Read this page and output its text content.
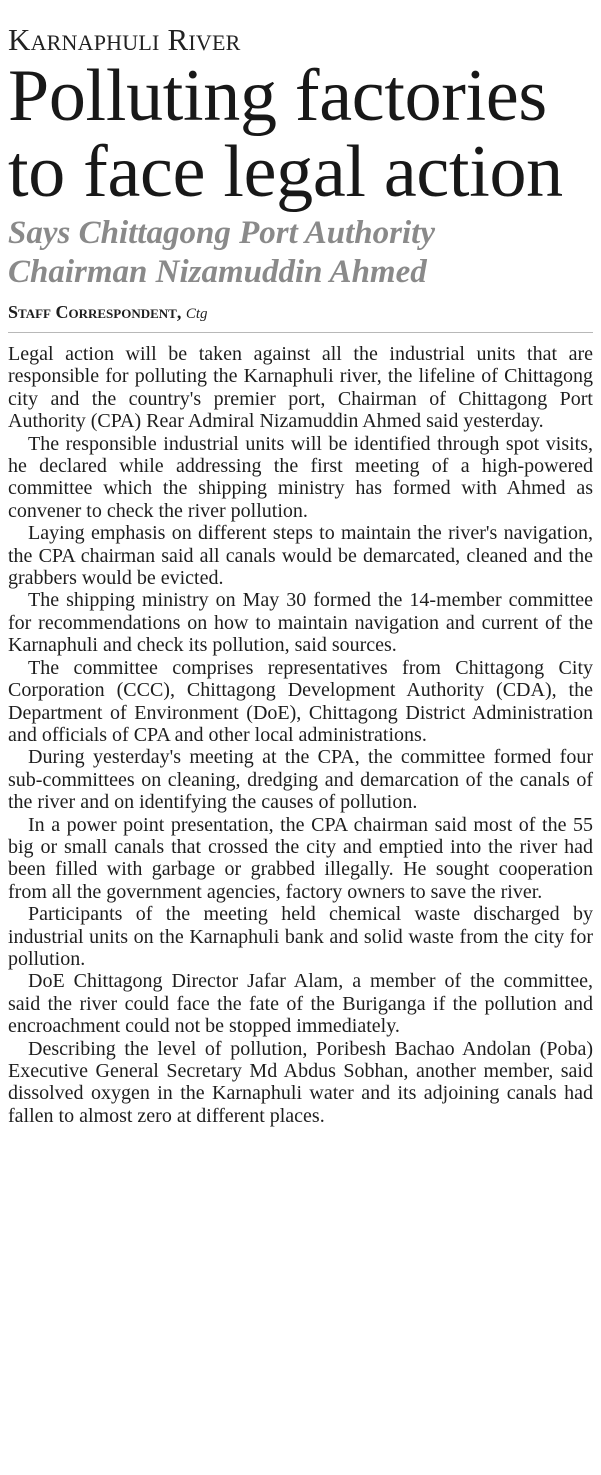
Karnaphuli River
Polluting factories
to face legal action
Says Chittagong Port Authority
Chairman Nizamuddin Ahmed
Staff Correspondent, Ctg

Legal action will be taken against all the industrial units that are responsible for polluting the Karnaphuli river, the lifeline of Chittagong city and the country's premier port, Chairman of Chittagong Port Authority (CPA) Rear Admiral Nizamuddin Ahmed said yesterday.

The responsible industrial units will be identified through spot visits, he declared while addressing the first meeting of a high-powered committee which the shipping ministry has formed with Ahmed as convener to check the river pollution.

Laying emphasis on different steps to maintain the river's navigation, the CPA chairman said all canals would be demarcated, cleaned and the grabbers would be evicted.

The shipping ministry on May 30 formed the 14-member committee for recommendations on how to maintain navigation and current of the Karnaphuli and check its pollution, said sources.

The committee comprises representatives from Chittagong City Corporation (CCC), Chittagong Development Authority (CDA), the Department of Environment (DoE), Chittagong District Administration and officials of CPA and other local administrations.

During yesterday's meeting at the CPA, the committee formed four sub-committees on cleaning, dredging and demarcation of the canals of the river and on identifying the causes of pollution.

In a power point presentation, the CPA chairman said most of the 55 big or small canals that crossed the city and emptied into the river had been filled with garbage or grabbed illegally. He sought cooperation from all the government agencies, factory owners to save the river.

Participants of the meeting held chemical waste discharged by industrial units on the Karnaphuli bank and solid waste from the city for pollution.

DoE Chittagong Director Jafar Alam, a member of the committee, said the river could face the fate of the Buriganga if the pollution and encroachment could not be stopped immediately.

Describing the level of pollution, Poribesh Bachao Andolan (Poba) Executive General Secretary Md Abdus Sobhan, another member, said dissolved oxygen in the Karnaphuli water and its adjoining canals had fallen to almost zero at different places.
